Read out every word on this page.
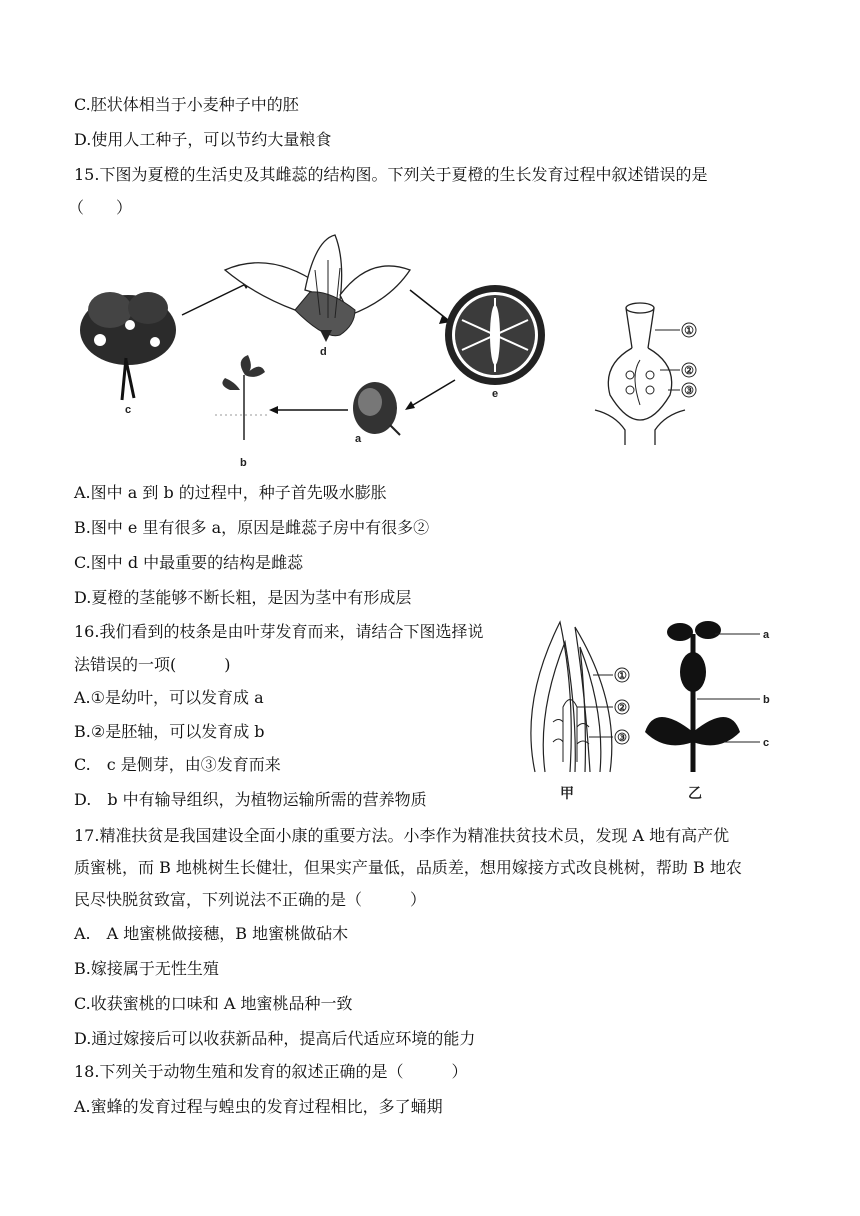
C.胚状体相当于小麦种子中的胚
D.使用人工种子，可以节约大量粮食
15.下图为夏橙的生活史及其雌蕊的结构图。下列关于夏橙的生长发育过程中叙述错误的是
（　　）
c
d
e
a
b
①
②
③
A.图中 a 到 b 的过程中，种子首先吸水膨胀
B.图中 e 里有很多 a，原因是雌蕊子房中有很多②
C.图中 d 中最重要的结构是雌蕊
D.夏橙的茎能够不断长粗，是因为茎中有形成层
16.我们看到的枝条是由叶芽发育而来，请结合下图选择说
法错误的一项(　　　)
A.①是幼叶，可以发育成 a
B.②是胚轴，可以发育成 b
C.　c 是侧芽，由③发育而来
D.　b 中有输导组织，为植物运输所需的营养物质
①
②
③
甲
a
b
c
乙
17.精准扶贫是我国建设全面小康的重要方法。小李作为精准扶贫技术员，发现 A 地有高产优
质蜜桃，而 B 地桃树生长健壮，但果实产量低，品质差，想用嫁接方式改良桃树，帮助 B 地农
民尽快脱贫致富，下列说法不正确的是（　　　）
A.　A 地蜜桃做接穗，B 地蜜桃做砧木
B.嫁接属于无性生殖
C.收获蜜桃的口味和 A 地蜜桃品种一致
D.通过嫁接后可以收获新品种，提高后代适应环境的能力
18.下列关于动物生殖和发育的叙述正确的是（　　　）
A.蜜蜂的发育过程与蝗虫的发育过程相比，多了蛹期
